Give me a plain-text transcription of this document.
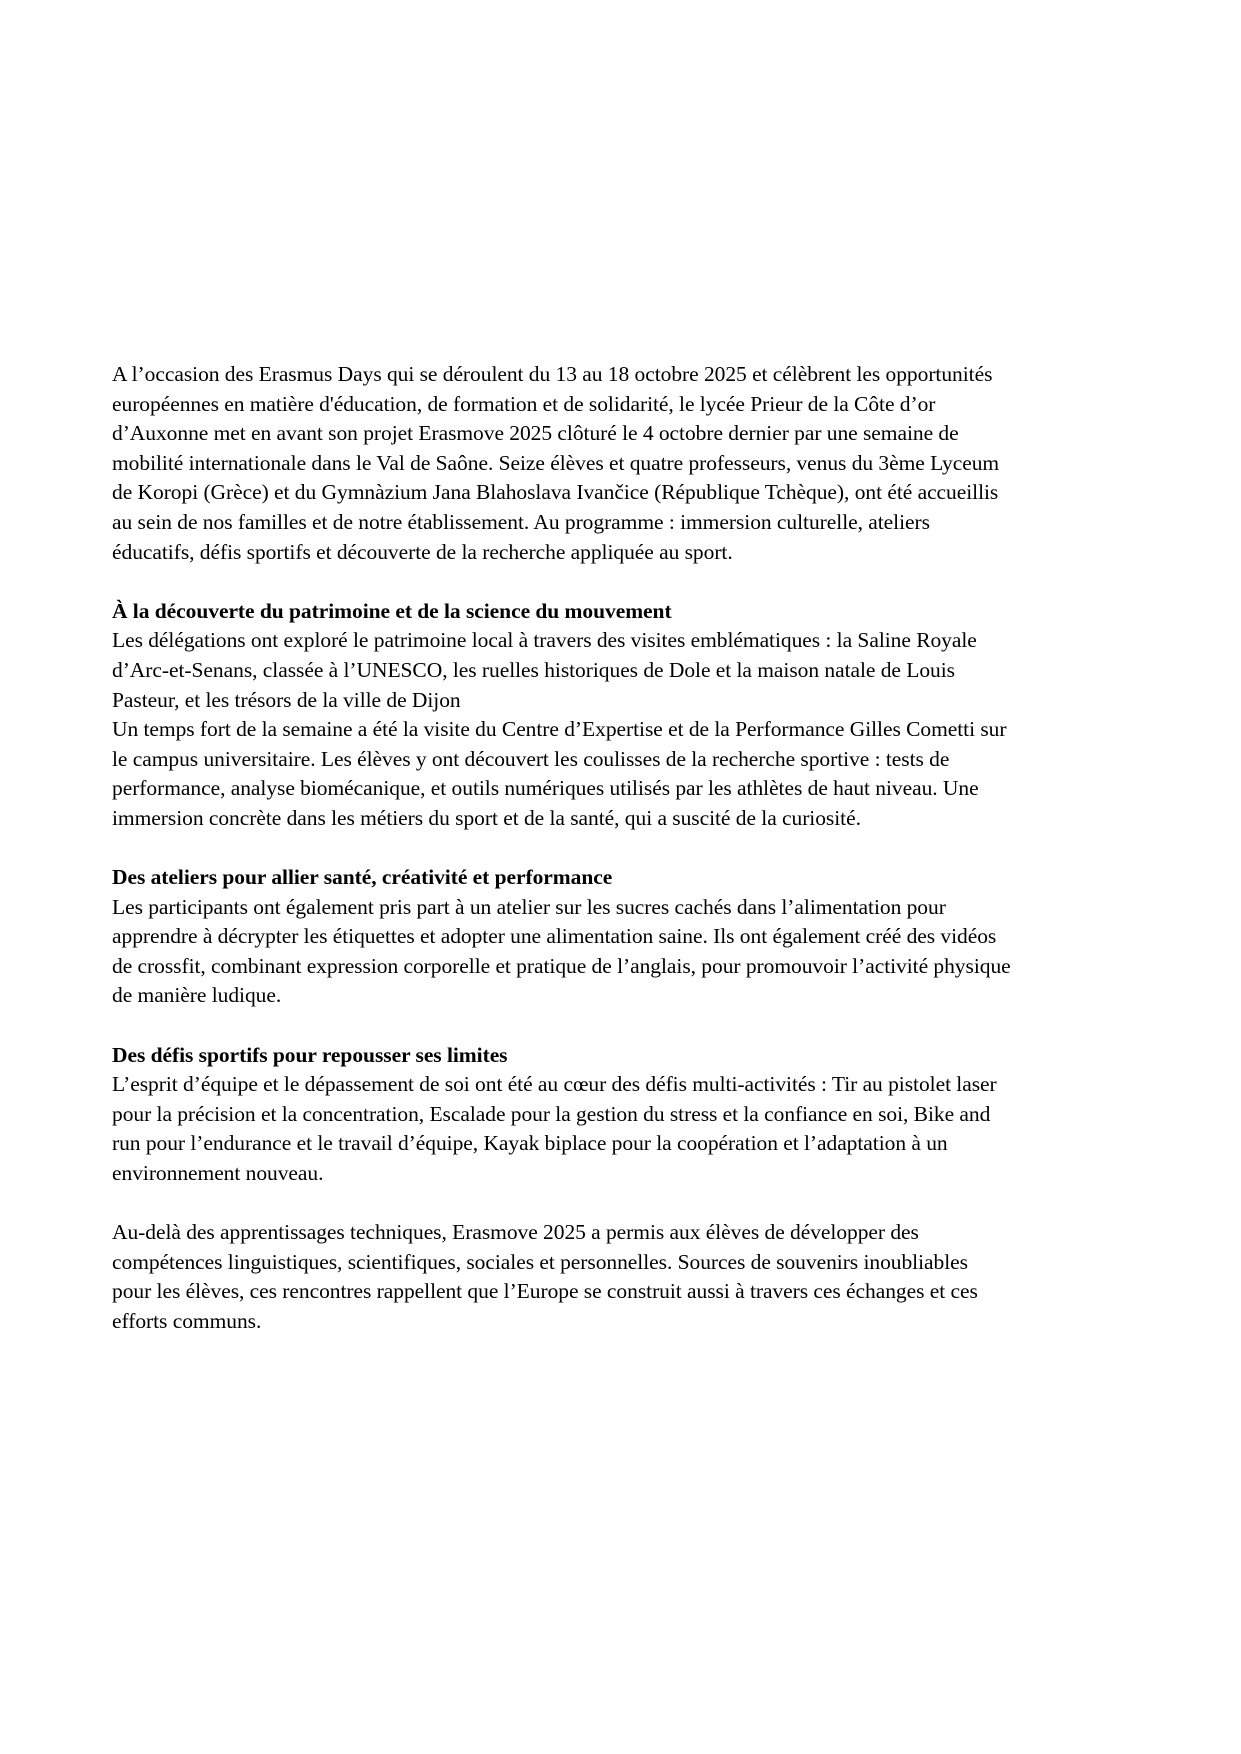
A l’occasion des Erasmus Days qui se déroulent du 13 au 18 octobre 2025 et célèbrent les opportunités européennes en matière d'éducation, de formation et de solidarité, le lycée Prieur de la Côte d’or d’Auxonne met en avant son projet Erasmove 2025 clôturé le 4 octobre dernier par une semaine de mobilité internationale dans le Val de Saône. Seize élèves et quatre professeurs, venus du 3ème Lyceum de Koropi (Grèce) et du Gymnàzium Jana Blahoslava Ivančice (République Tchèque), ont été accueillis au sein de nos familles et de notre établissement. Au programme : immersion culturelle, ateliers éducatifs, défis sportifs et découverte de la recherche appliquée au sport.

À la découverte du patrimoine et de la science du mouvement

Les délégations ont exploré le patrimoine local à travers des visites emblématiques : la Saline Royale d’Arc-et-Senans, classée à l’UNESCO, les ruelles historiques de Dole et la maison natale de Louis Pasteur, et les trésors de la ville de Dijon

Un temps fort de la semaine a été la visite du Centre d’Expertise et de la Performance Gilles Cometti sur le campus universitaire. Les élèves y ont découvert les coulisses de la recherche sportive : tests de performance, analyse biomécanique, et outils numériques utilisés par les athlètes de haut niveau. Une immersion concrète dans les métiers du sport et de la santé, qui a suscité de la curiosité.

Des ateliers pour allier santé, créativité et performance

Les participants ont également pris part à un atelier sur les sucres cachés dans l’alimentation pour apprendre à décrypter les étiquettes et adopter une alimentation saine. Ils ont également créé des vidéos de crossfit, combinant expression corporelle et pratique de l’anglais, pour promouvoir l’activité physique de manière ludique.

Des défis sportifs pour repousser ses limites

L’esprit d’équipe et le dépassement de soi ont été au cœur des défis multi-activités : Tir au pistolet laser pour la précision et la concentration, Escalade pour la gestion du stress et la confiance en soi, Bike and run pour l’endurance et le travail d’équipe, Kayak biplace pour la coopération et l’adaptation à un environnement nouveau.

Au-delà des apprentissages techniques, Erasmove 2025 a permis aux élèves de développer des compétences linguistiques, scientifiques, sociales et personnelles. Sources de souvenirs inoubliables pour les élèves, ces rencontres rappellent que l’Europe se construit aussi à travers ces échanges et ces efforts communs.
